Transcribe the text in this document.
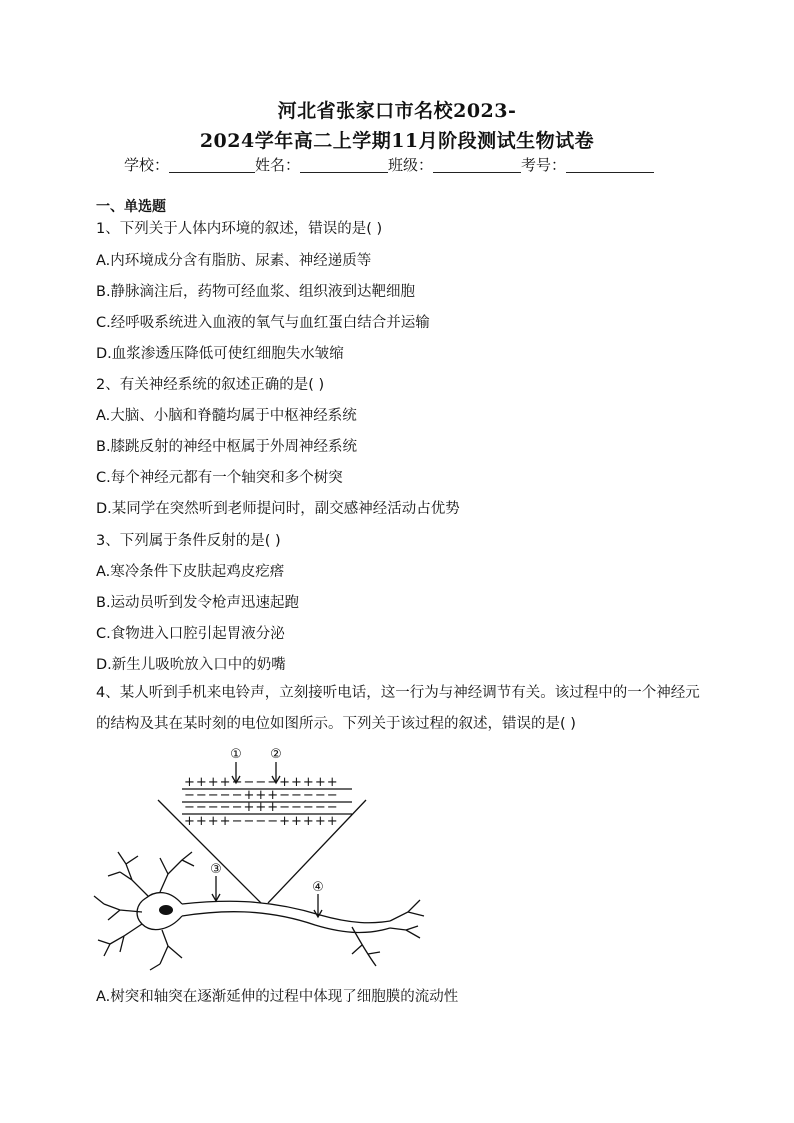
河北省张家口市名校2023-
2024学年高二上学期11月阶段测试生物试卷
学校：	姓名：	班级：	考号：
一、单选题
1、下列关于人体内环境的叙述，错误的是( )
A.内环境成分含有脂肪、尿素、神经递质等
B.静脉滴注后，药物可经血浆、组织液到达靶细胞
C.经呼吸系统进入血液的氧气与血红蛋白结合并运输
D.血浆渗透压降低可使红细胞失水皱缩
2、有关神经系统的叙述正确的是( )
A.大脑、小脑和脊髓均属于中枢神经系统
B.膝跳反射的神经中枢属于外周神经系统
C.每个神经元都有一个轴突和多个树突
D.某同学在突然听到老师提问时，副交感神经活动占优势
3、下列属于条件反射的是( )
A.寒冷条件下皮肤起鸡皮疙瘩
B.运动员听到发令枪声迅速起跑
C.食物进入口腔引起胃液分泌
D.新生儿吸吮放入口中的奶嘴
4、某人听到手机来电铃声，立刻接听电话，这一行为与神经调节有关。该过程中的一个神经元的结构及其在某时刻的电位如图所示。下列关于该过程的叙述，错误的是( )
① ②
③
④
++++−−−−+++++
−−−−−+++−−−−−
−−−−−+++−−−−−
++++−−−−+++++
A.树突和轴突在逐渐延伸的过程中体现了细胞膜的流动性
